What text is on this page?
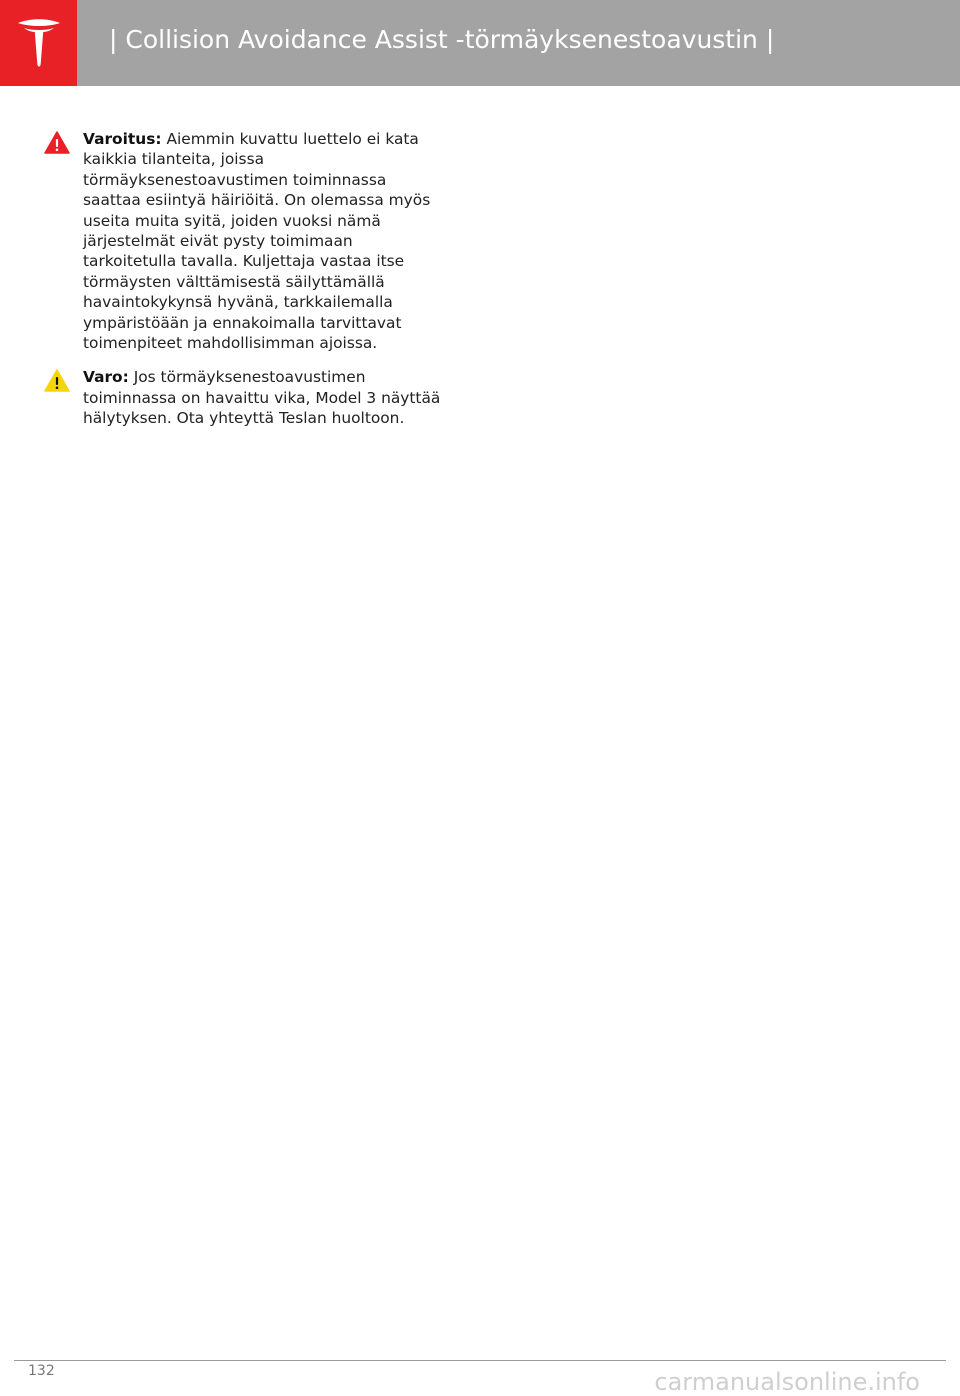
| Collision Avoidance Assist -törmäyksenestoavustin |
Varoitus: Aiemmin kuvattu luettelo ei kata kaikkia tilanteita, joissa törmäyksenestoavustimen toiminnassa saattaa esiintyä häiriöitä. On olemassa myös useita muita syitä, joiden vuoksi nämä järjestelmät eivät pysty toimimaan tarkoitetulla tavalla. Kuljettaja vastaa itse törmäysten välttämisestä säilyttämällä havaintokykynsä hyvänä, tarkkailemalla ympäristöään ja ennakoimalla tarvittavat toimenpiteet mahdollisimman ajoissa.
Varo: Jos törmäyksenestoavustimen toiminnassa on havaittu vika, Model 3 näyttää hälytyksen. Ota yhteyttä Teslan huoltoon.
132	carmanualsonline.info
